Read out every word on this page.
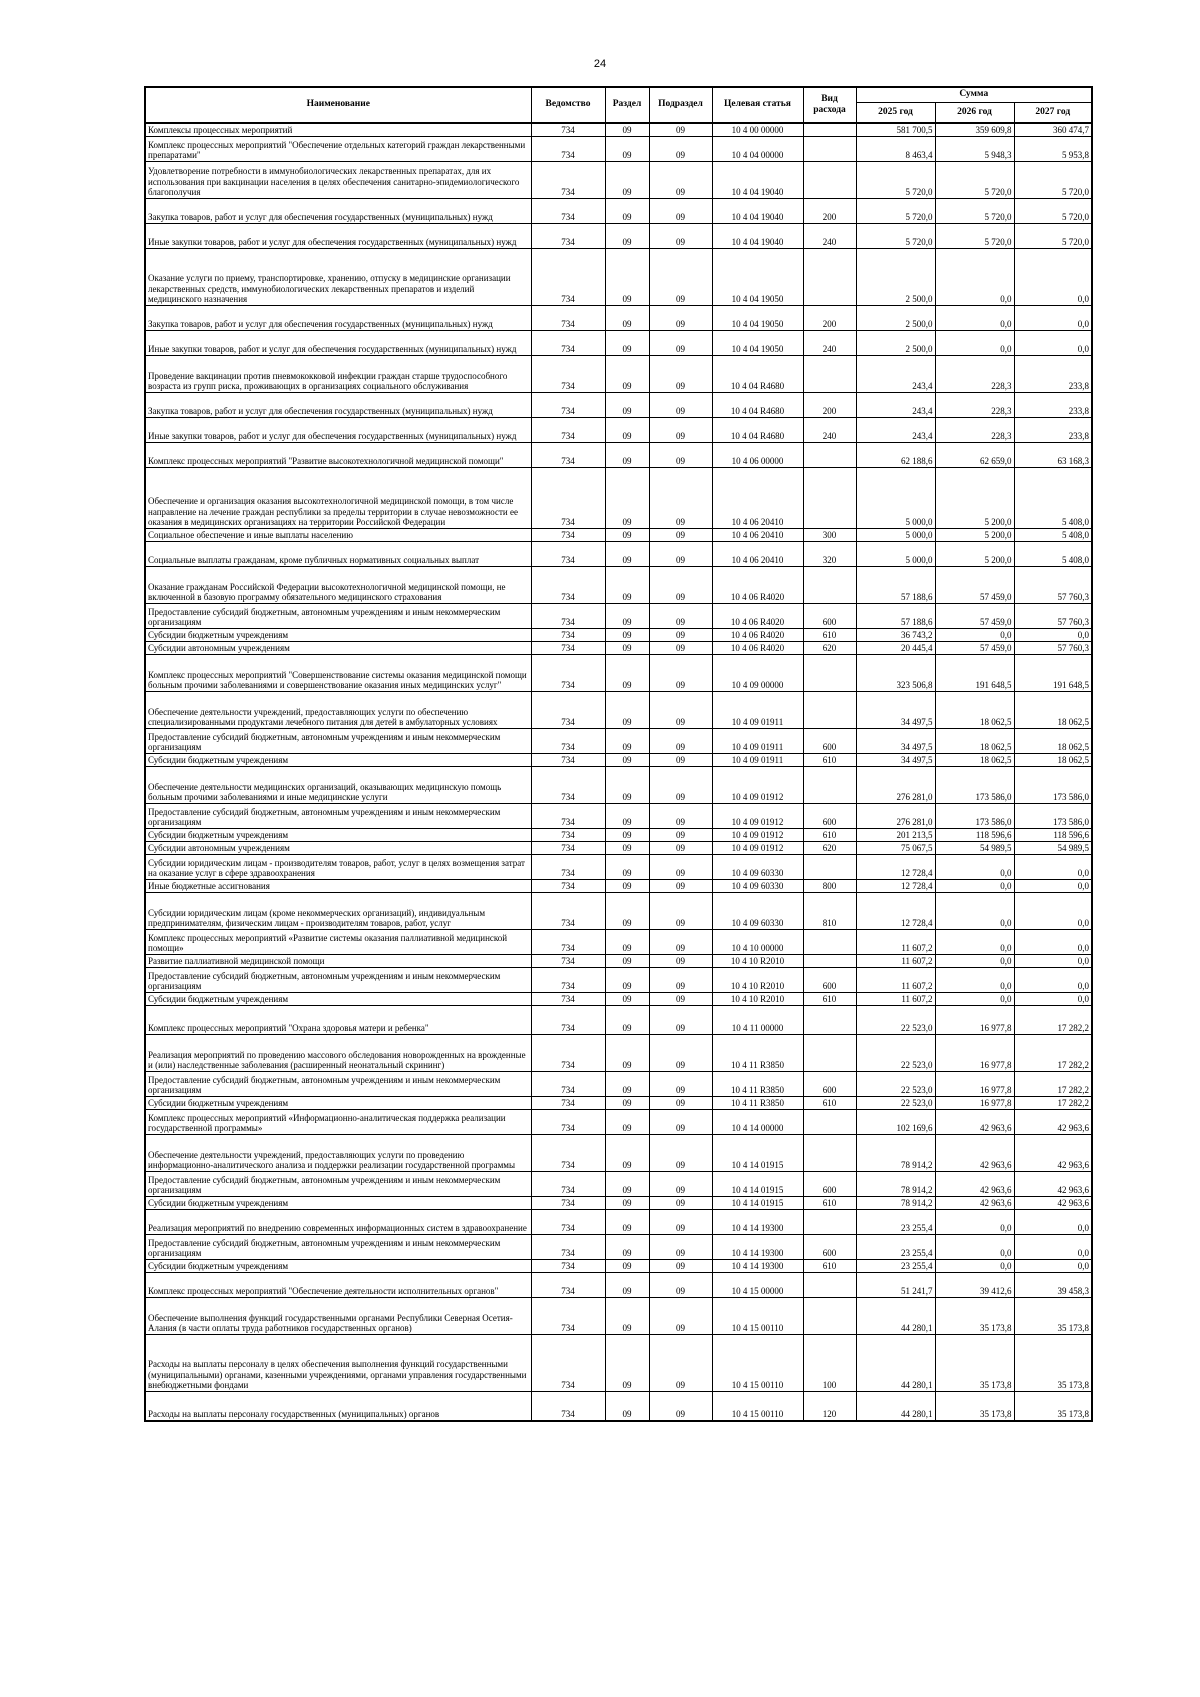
24
Наименование	Ведомство	Раздел	Подраздел	Целевая статья	Вид расхода	Сумма		
						2025 год	2026 год	2027 год
Комплексы процессных мероприятий	734	09	09	10 4 00 00000		581 700,5	359 609,8	360 474,7
Комплекс процессных мероприятий "Обеспечение отдельных категорий граждан лекарственными препаратами"	734	09	09	10 4 04 00000		8 463,4	5 948,3	5 953,8
Удовлетворение потребности в иммунобиологических лекарственных препаратах, для их использования при вакцинации населения в целях обеспечения санитарно-эпидемиологического благополучия	734	09	09	10 4 04 19040		5 720,0	5 720,0	5 720,0
Закупка товаров, работ и услуг для обеспечения государственных (муниципальных) нужд	734	09	09	10 4 04 19040	200	5 720,0	5 720,0	5 720,0
Иные закупки товаров, работ и услуг для обеспечения государственных (муниципальных) нужд	734	09	09	10 4 04 19040	240	5 720,0	5 720,0	5 720,0
Оказание услуги по приему, транспортировке, хранению, отпуску в медицинские организации лекарственных средств, иммунобиологических лекарственных препаратов и изделий медицинского назначения	734	09	09	10 4 04 19050		2 500,0	0,0	0,0
Закупка товаров, работ и услуг для обеспечения государственных (муниципальных) нужд	734	09	09	10 4 04 19050	200	2 500,0	0,0	0,0
Иные закупки товаров, работ и услуг для обеспечения государственных (муниципальных) нужд	734	09	09	10 4 04 19050	240	2 500,0	0,0	0,0
Проведение вакцинации против пневмококковой инфекции граждан старше трудоспособного возраста из групп риска, проживающих в организациях социального обслуживания	734	09	09	10 4 04 R4680		243,4	228,3	233,8
Закупка товаров, работ и услуг для обеспечения государственных (муниципальных) нужд	734	09	09	10 4 04 R4680	200	243,4	228,3	233,8
Иные закупки товаров, работ и услуг для обеспечения государственных (муниципальных) нужд	734	09	09	10 4 04 R4680	240	243,4	228,3	233,8
Комплекс процессных мероприятий "Развитие высокотехнологичной медицинской помощи"	734	09	09	10 4 06 00000		62 188,6	62 659,0	63 168,3
Обеспечение и организация оказания высокотехнологичной медицинской помощи, в том числе направление на лечение граждан республики за пределы территории в случае невозможности ее оказания в медицинских организациях на территории Российской Федерации	734	09	09	10 4 06 20410		5 000,0	5 200,0	5 408,0
Социальное обеспечение и иные выплаты населению	734	09	09	10 4 06 20410	300	5 000,0	5 200,0	5 408,0
Социальные выплаты гражданам, кроме публичных нормативных социальных выплат	734	09	09	10 4 06 20410	320	5 000,0	5 200,0	5 408,0
Оказание гражданам Российской Федерации высокотехнологичной медицинской помощи, не включенной в базовую программу обязательного медицинского страхования	734	09	09	10 4 06 R4020		57 188,6	57 459,0	57 760,3
Предоставление субсидий бюджетным, автономным учреждениям и иным некоммерческим организациям	734	09	09	10 4 06 R4020	600	57 188,6	57 459,0	57 760,3
Субсидии бюджетным учреждениям	734	09	09	10 4 06 R4020	610	36 743,2	0,0	0,0
Субсидии автономным учреждениям	734	09	09	10 4 06 R4020	620	20 445,4	57 459,0	57 760,3
Комплекс процессных мероприятий "Совершенствование системы оказания медицинской помощи больным прочими заболеваниями и совершенствование оказания иных медицинских услуг"	734	09	09	10 4 09 00000		323 506,8	191 648,5	191 648,5
Обеспечение деятельности учреждений, предоставляющих услуги по обеспечению специализированными продуктами лечебного питания для детей в амбулаторных условиях	734	09	09	10 4 09 01911		34 497,5	18 062,5	18 062,5
Предоставление субсидий бюджетным, автономным учреждениям и иным некоммерческим организациям	734	09	09	10 4 09 01911	600	34 497,5	18 062,5	18 062,5
Субсидии бюджетным учреждениям	734	09	09	10 4 09 01911	610	34 497,5	18 062,5	18 062,5
Обеспечение деятельности медицинских организаций, оказывающих медицинскую помощь больным прочими заболеваниями и иные медицинские услуги	734	09	09	10 4 09 01912		276 281,0	173 586,0	173 586,0
Предоставление субсидий бюджетным, автономным учреждениям и иным некоммерческим организациям	734	09	09	10 4 09 01912	600	276 281,0	173 586,0	173 586,0
Субсидии бюджетным учреждениям	734	09	09	10 4 09 01912	610	201 213,5	118 596,6	118 596,6
Субсидии автономным учреждениям	734	09	09	10 4 09 01912	620	75 067,5	54 989,5	54 989,5
Субсидии юридическим лицам - производителям товаров, работ, услуг в целях возмещения затрат на оказание услуг в сфере здравоохранения	734	09	09	10 4 09 60330		12 728,4	0,0	0,0
Иные бюджетные ассигнования	734	09	09	10 4 09 60330	800	12 728,4	0,0	0,0
Субсидии юридическим лицам (кроме некоммерческих организаций), индивидуальным предпринимателям, физическим лицам - производителям товаров, работ, услуг	734	09	09	10 4 09 60330	810	12 728,4	0,0	0,0
Комплекс процессных мероприятий «Развитие системы оказания паллиативной медицинской помощи»	734	09	09	10 4 10 00000		11 607,2	0,0	0,0
Развитие паллиативной медицинской помощи	734	09	09	10 4 10 R2010		11 607,2	0,0	0,0
Предоставление субсидий бюджетным, автономным учреждениям и иным некоммерческим организациям	734	09	09	10 4 10 R2010	600	11 607,2	0,0	0,0
Субсидии бюджетным учреждениям	734	09	09	10 4 10 R2010	610	11 607,2	0,0	0,0
Комплекс процессных мероприятий "Охрана здоровья матери и ребенка"	734	09	09	10 4 11 00000		22 523,0	16 977,8	17 282,2
Реализация мероприятий по проведению массового обследования новорожденных на врожденные и (или) наследственные заболевания (расширенный неонатальный скрининг)	734	09	09	10 4 11 R3850		22 523,0	16 977,8	17 282,2
Предоставление субсидий бюджетным, автономным учреждениям и иным некоммерческим организациям	734	09	09	10 4 11 R3850	600	22 523,0	16 977,8	17 282,2
Субсидии бюджетным учреждениям	734	09	09	10 4 11 R3850	610	22 523,0	16 977,8	17 282,2
Комплекс процессных мероприятий «Информационно-аналитическая поддержка реализации государственной программы»	734	09	09	10 4 14 00000		102 169,6	42 963,6	42 963,6
Обеспечение деятельности учреждений, предоставляющих услуги по проведению информационно-аналитического анализа и поддержки реализации государственной программы	734	09	09	10 4 14 01915		78 914,2	42 963,6	42 963,6
Предоставление субсидий бюджетным, автономным учреждениям и иным некоммерческим организациям	734	09	09	10 4 14 01915	600	78 914,2	42 963,6	42 963,6
Субсидии бюджетным учреждениям	734	09	09	10 4 14 01915	610	78 914,2	42 963,6	42 963,6
Реализация мероприятий по внедрению современных информационных систем в здравоохранение	734	09	09	10 4 14 19300		23 255,4	0,0	0,0
Предоставление субсидий бюджетным, автономным учреждениям и иным некоммерческим организациям	734	09	09	10 4 14 19300	600	23 255,4	0,0	0,0
Субсидии бюджетным учреждениям	734	09	09	10 4 14 19300	610	23 255,4	0,0	0,0
Комплекс процессных мероприятий "Обеспечение деятельности исполнительных органов"	734	09	09	10 4 15 00000		51 241,7	39 412,6	39 458,3
Обеспечение выполнения функций государственными органами Республики Северная Осетия-Алания (в части оплаты труда работников государственных органов)	734	09	09	10 4 15 00110		44 280,1	35 173,8	35 173,8
Расходы на выплаты персоналу в целях обеспечения выполнения функций государственными (муниципальными) органами, казенными учреждениями, органами управления государственными внебюджетными фондами	734	09	09	10 4 15 00110	100	44 280,1	35 173,8	35 173,8
Расходы на выплаты персоналу государственных (муниципальных) органов	734	09	09	10 4 15 00110	120	44 280,1	35 173,8	35 173,8
